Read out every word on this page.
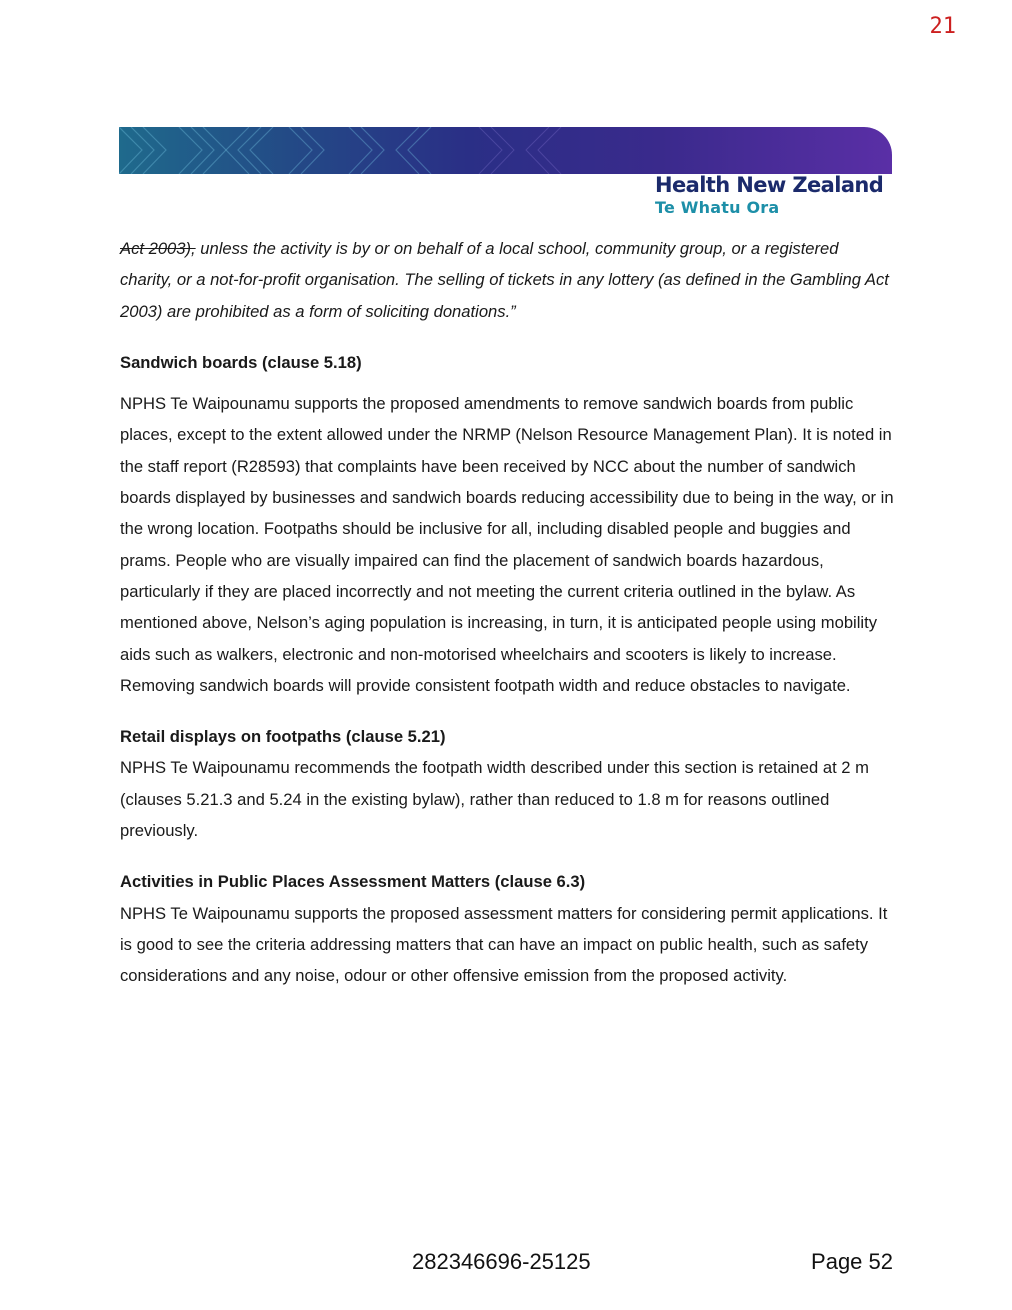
21
Health New Zealand
Te Whatu Ora

Act 2003), unless the activity is by or on behalf of a local school, community group, or a registered charity, or a not-for-profit organisation. The selling of tickets in any lottery (as defined in the Gambling Act 2003) are prohibited as a form of soliciting donations.”

Sandwich boards (clause 5.18)

NPHS Te Waipounamu supports the proposed amendments to remove sandwich boards from public places, except to the extent allowed under the NRMP (Nelson Resource Management Plan). It is noted in the staff report (R28593) that complaints have been received by NCC about the number of sandwich boards displayed by businesses and sandwich boards reducing accessibility due to being in the way, or in the wrong location. Footpaths should be inclusive for all, including disabled people and buggies and prams. People who are visually impaired can find the placement of sandwich boards hazardous, particularly if they are placed incorrectly and not meeting the current criteria outlined in the bylaw. As mentioned above, Nelson’s aging population is increasing, in turn, it is anticipated people using mobility aids such as walkers, electronic and non-motorised wheelchairs and scooters is likely to increase. Removing sandwich boards will provide consistent footpath width and reduce obstacles to navigate.

Retail displays on footpaths (clause 5.21)

NPHS Te Waipounamu recommends the footpath width described under this section is retained at 2 m (clauses 5.21.3 and 5.24 in the existing bylaw), rather than reduced to 1.8 m for reasons outlined previously.

Activities in Public Places Assessment Matters (clause 6.3)

NPHS Te Waipounamu supports the proposed assessment matters for considering permit applications. It is good to see the criteria addressing matters that can have an impact on public health, such as safety considerations and any noise, odour or other offensive emission from the proposed activity.

282346696-25125	Page 52
